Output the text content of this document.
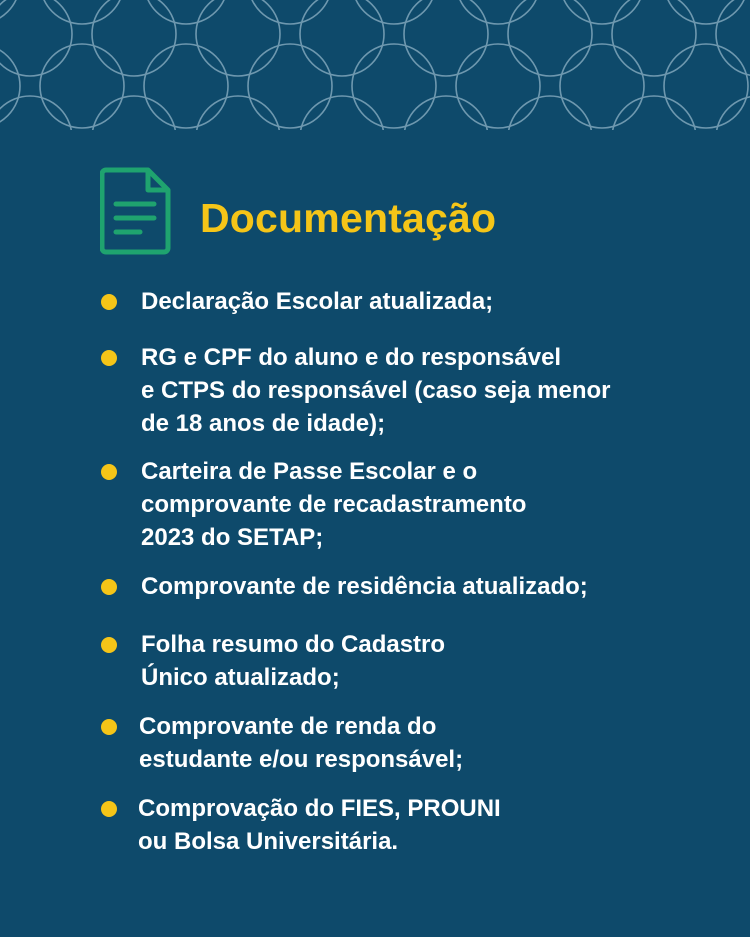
Documentação
Declaração Escolar atualizada;
RG e CPF do aluno e do responsável
e CTPS do responsável (caso seja menor
de 18 anos de idade);
Carteira de Passe Escolar e o
comprovante de recadastramento
2023 do SETAP;
Comprovante de residência atualizado;
Folha resumo do Cadastro
Único atualizado;
Comprovante de renda do
estudante e/ou responsável;
Comprovação do FIES, PROUNI
ou Bolsa Universitária.
